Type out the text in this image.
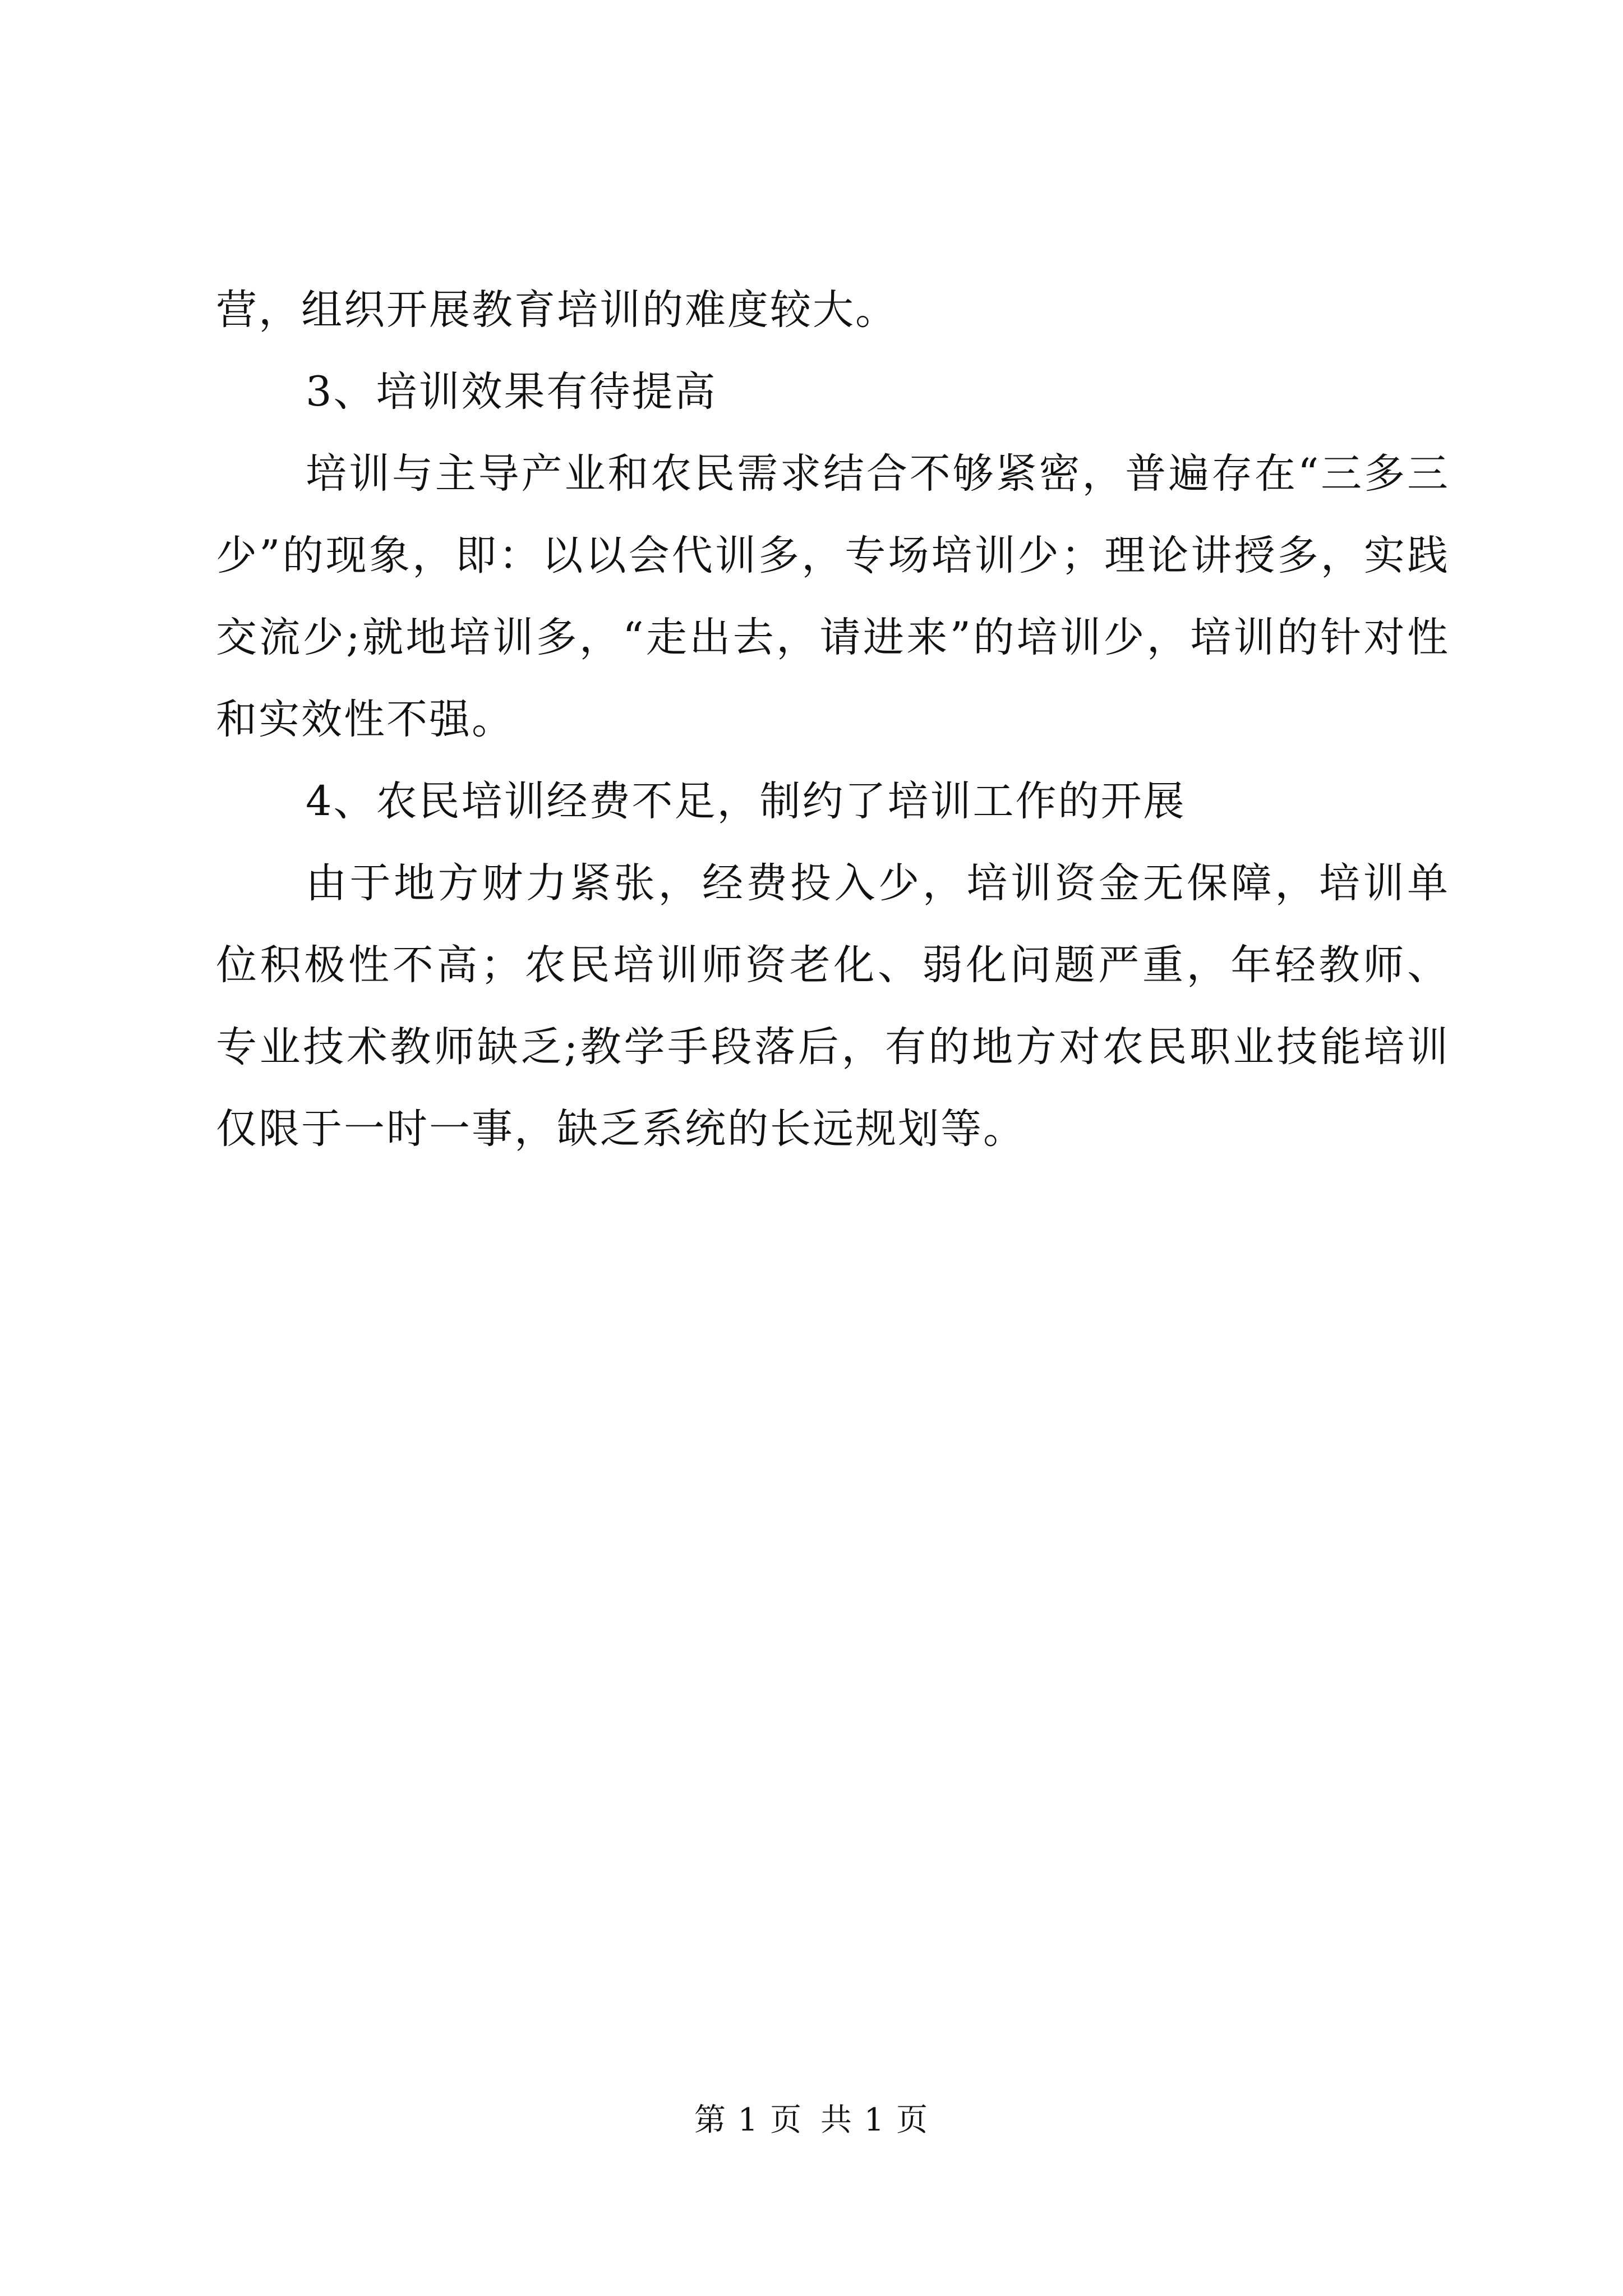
营，组织开展教育培训的难度较大。

3、培训效果有待提高

培训与主导产业和农民需求结合不够紧密，普遍存在“三多三少”的现象，即：以以会代训多，专场培训少；理论讲授多，实践交流少;就地培训多，“走出去，请进来”的培训少，培训的针对性和实效性不强。

4、农民培训经费不足，制约了培训工作的开展

由于地方财力紧张，经费投入少，培训资金无保障，培训单位积极性不高；农民培训师资老化、弱化问题严重，年轻教师、专业技术教师缺乏;教学手段落后，有的地方对农民职业技能培训仅限于一时一事，缺乏系统的长远规划等。

第 1 页 共 1 页
